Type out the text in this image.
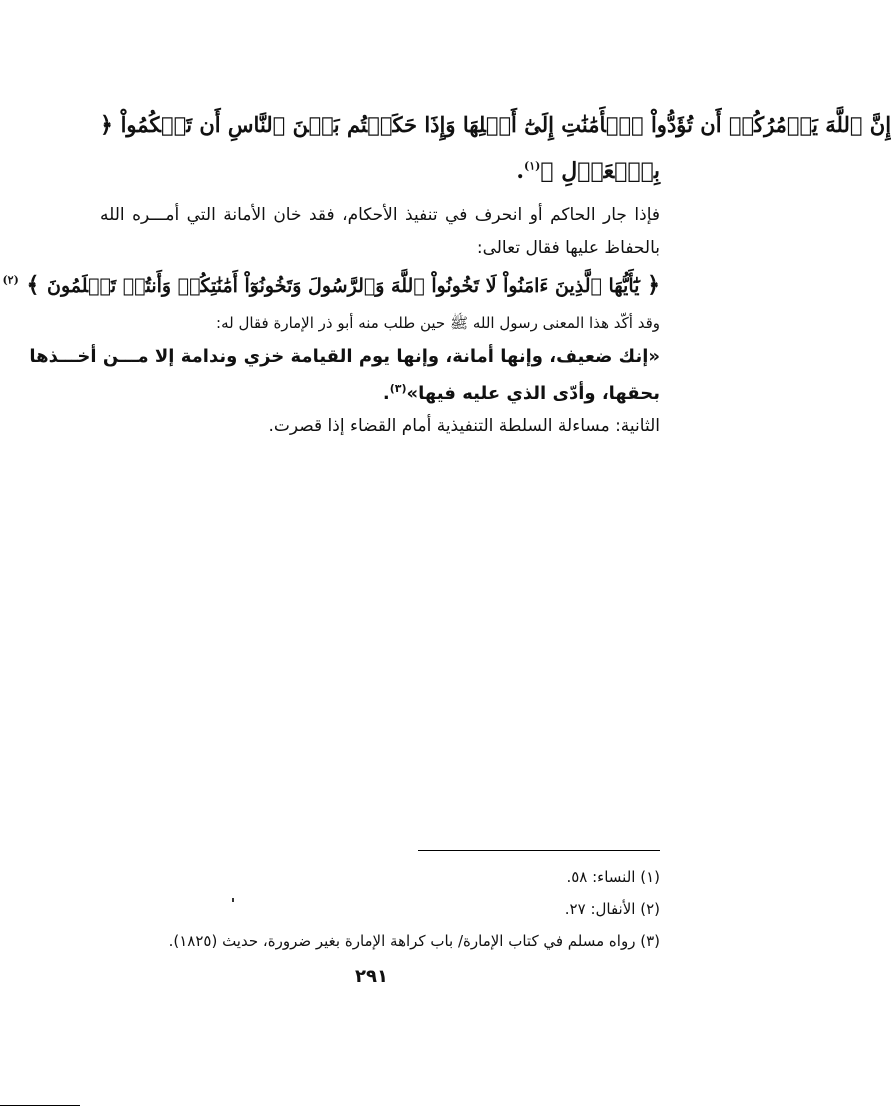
﴿ إِنَّ ٱللَّهَ يَأۡمُرُكُمۡ أَن تُؤَدُّواْ ٱلۡأَمَٰنَٰتِ إِلَىٰٓ أَهۡلِهَا وَإِذَا حَكَمۡتُم بَيۡنَ ٱلنَّاسِ أَن تَحۡكُمُواْ
بِٱلۡعَدۡلِ ﴾$^{(١)}$.
فإذا جار الحاكم أو انحرف في تنفيذ الأحكام، فقد خان الأمانة التي أمـــره الله
بالحفاظ عليها فقال تعالى:
﴿ يَٰٓأَيُّهَا ٱلَّذِينَ ءَامَنُواْ لَا تَخُونُواْ ٱللَّهَ وَٱلرَّسُولَ وَتَخُونُوٓاْ أَمَٰنَٰتِكُمۡ وَأَنتُمۡ تَعۡلَمُونَ ﴾ $^{(٢)}$
وقد أكّد هذا المعنى رسول الله ﷺ حين طلب منه أبو ذر الإمارة فقال له:
«إنك ضعيف، وإنها أمانة، وإنها يوم القيامة خزي وندامة إلا مـــن أخـــذها
بحقها، وأدّى الذي عليه فيها»$^{(٣)}$.
الثانية: مساءلة السلطة التنفيذية أمام القضاء إذا قصرت.
(١) النساء: ٥٨.
(٢) الأنفال: ٢٧.
(٣) رواه مسلم في كتاب الإمارة/ باب كراهة الإمارة بغير ضرورة، حديث (١٨٢٥).
٢٩١
